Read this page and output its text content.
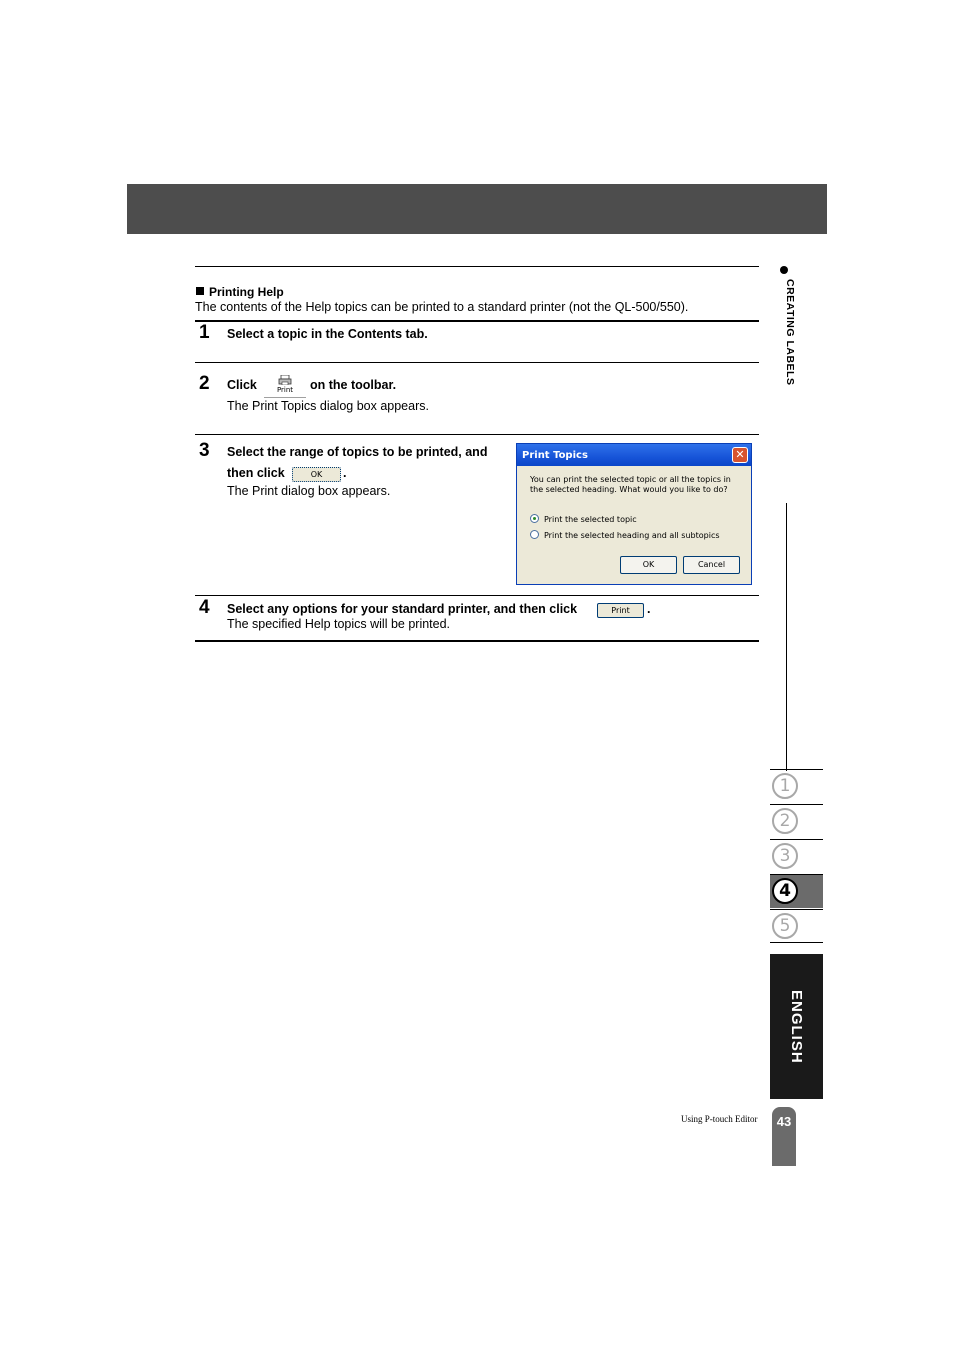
Printing Help
The contents of the Help topics can be printed to a standard printer (not the QL-500/550).
1 Select a topic in the Contents tab.
2 Click	Print	on the toolbar.
The Print Topics dialog box appears.
3 Select the range of topics to be printed, and
then click	OK	.
The Print dialog box appears.
Print Topics	✕
You can print the selected topic or all the topics in the selected heading. What would you like to do?
Print the selected topic
Print the selected heading and all subtopics
OK	Cancel
4 Select any options for your standard printer, and then click	Print	.
The specified Help topics will be printed.
CREATING LABELS
1
2
3
4
5
ENGLISH
Using P-touch Editor	43
